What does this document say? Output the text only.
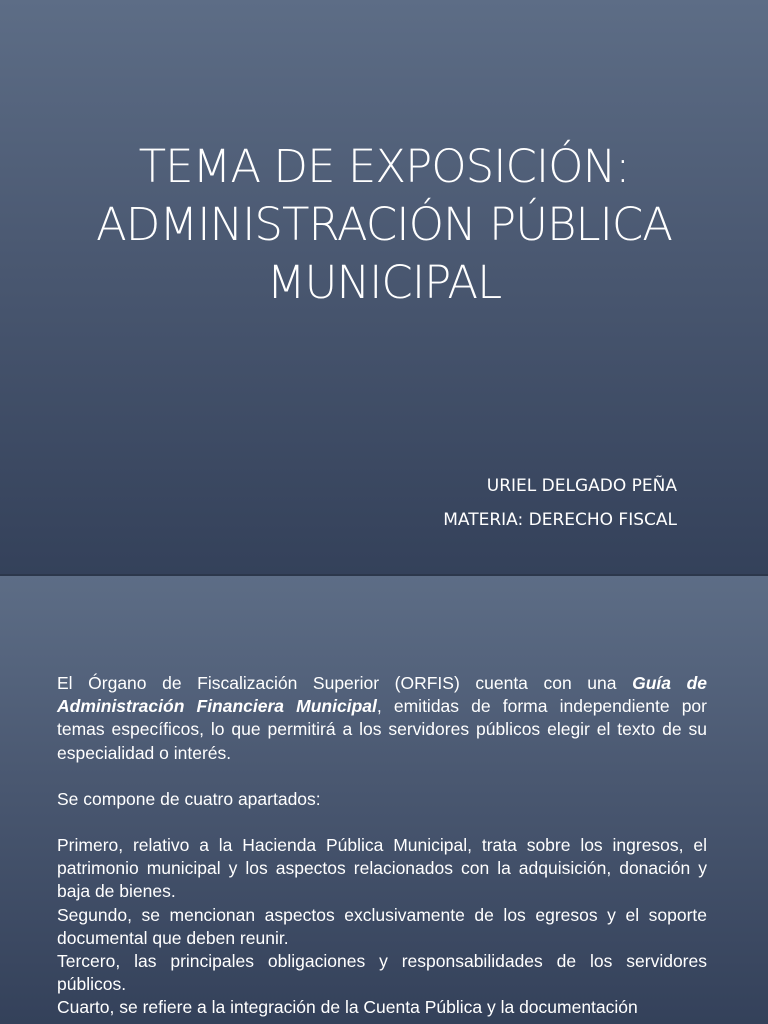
TEMA DE EXPOSICIÓN:
ADMINISTRACIÓN PÚBLICA
MUNICIPAL
URIEL DELGADO PEÑA
MATERIA: DERECHO FISCAL

El Órgano de Fiscalización Superior (ORFIS) cuenta con una Guía de Administración Financiera Municipal, emitidas de forma independiente por temas específicos, lo que permitirá a los servidores públicos elegir el texto de su especialidad o interés.

Se compone de cuatro apartados:

Primero, relativo a la Hacienda Pública Municipal, trata sobre los ingresos, el patrimonio municipal y los aspectos relacionados con la adquisición, donación y baja de bienes.

Segundo, se mencionan aspectos exclusivamente de los egresos y el soporte documental que deben reunir.

Tercero, las principales obligaciones y responsabilidades de los servidores públicos.

Cuarto, se refiere a la integración de la Cuenta Pública y la documentación
